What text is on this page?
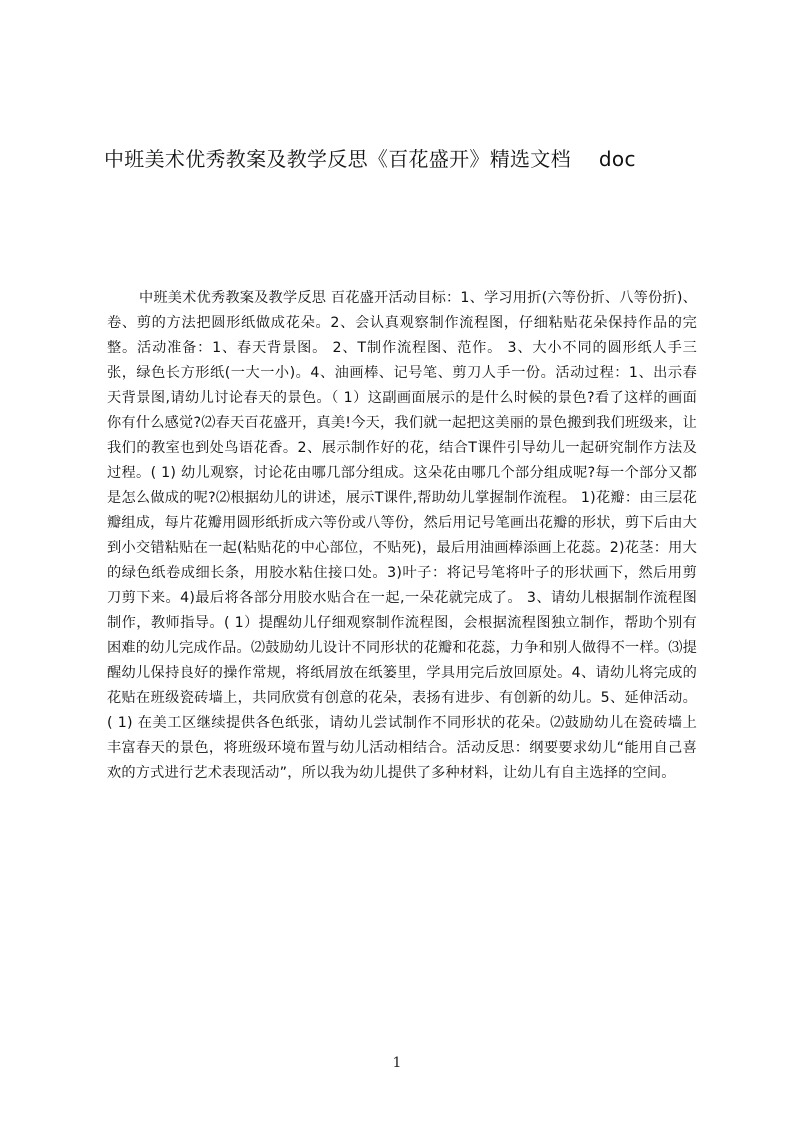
中班美术优秀教案及教学反思《百花盛开》精选文档 doc

中班美术优秀教案及教学反思 百花盛开活动目标：1、学习用折(六等份折、八等份折)、卷、剪的方法把圆形纸做成花朵。2、会认真观察制作流程图，仔细粘贴花朵保持作品的完整。活动准备：1、春天背景图。 2、T制作流程图、范作。 3、大小不同的圆形纸人手三张，绿色长方形纸(一大一小)。4、油画棒、记号笔、剪刀人手一份。活动过程：1、出示春天背景图,请幼儿讨论春天的景色。（ 1）这副画面展示的是什么时候的景色?看了这样的画面你有什么感觉?⑵春天百花盛开，真美!今天，我们就一起把这美丽的景色搬到我们班级来，让我们的教室也到处鸟语花香。2、展示制作好的花，结合T课件引导幼儿一起研究制作方法及过程。( 1) 幼儿观察，讨论花由哪几部分组成。这朵花由哪几个部分组成呢?每一个部分又都是怎么做成的呢?⑵根据幼儿的讲述，展示T课件,帮助幼儿掌握制作流程。 1)花瓣：由三层花瓣组成，每片花瓣用圆形纸折成六等份或八等份，然后用记号笔画出花瓣的形状，剪下后由大到小交错粘贴在一起(粘贴花的中心部位，不贴死)，最后用油画棒添画上花蕊。2)花茎：用大的绿色纸卷成细长条，用胶水粘住接口处。3)叶子：将记号笔将叶子的形状画下，然后用剪刀剪下来。4)最后将各部分用胶水贴合在一起,一朵花就完成了。 3、请幼儿根据制作流程图制作，教师指导。( 1）提醒幼儿仔细观察制作流程图，会根据流程图独立制作，帮助个别有困难的幼儿完成作品。⑵鼓励幼儿设计不同形状的花瓣和花蕊，力争和别人做得不一样。⑶提醒幼儿保持良好的操作常规，将纸屑放在纸篓里，学具用完后放回原处。4、请幼儿将完成的花贴在班级瓷砖墙上，共同欣赏有创意的花朵，表扬有进步、有创新的幼儿。5、延伸活动。( 1) 在美工区继续提供各色纸张，请幼儿尝试制作不同形状的花朵。⑵鼓励幼儿在瓷砖墙上丰富春天的景色，将班级环境布置与幼儿活动相结合。活动反思：纲要要求幼儿“能用自己喜欢的方式进行艺术表现活动”，所以我为幼儿提供了多种材料，让幼儿有自主选择的空间。

1
